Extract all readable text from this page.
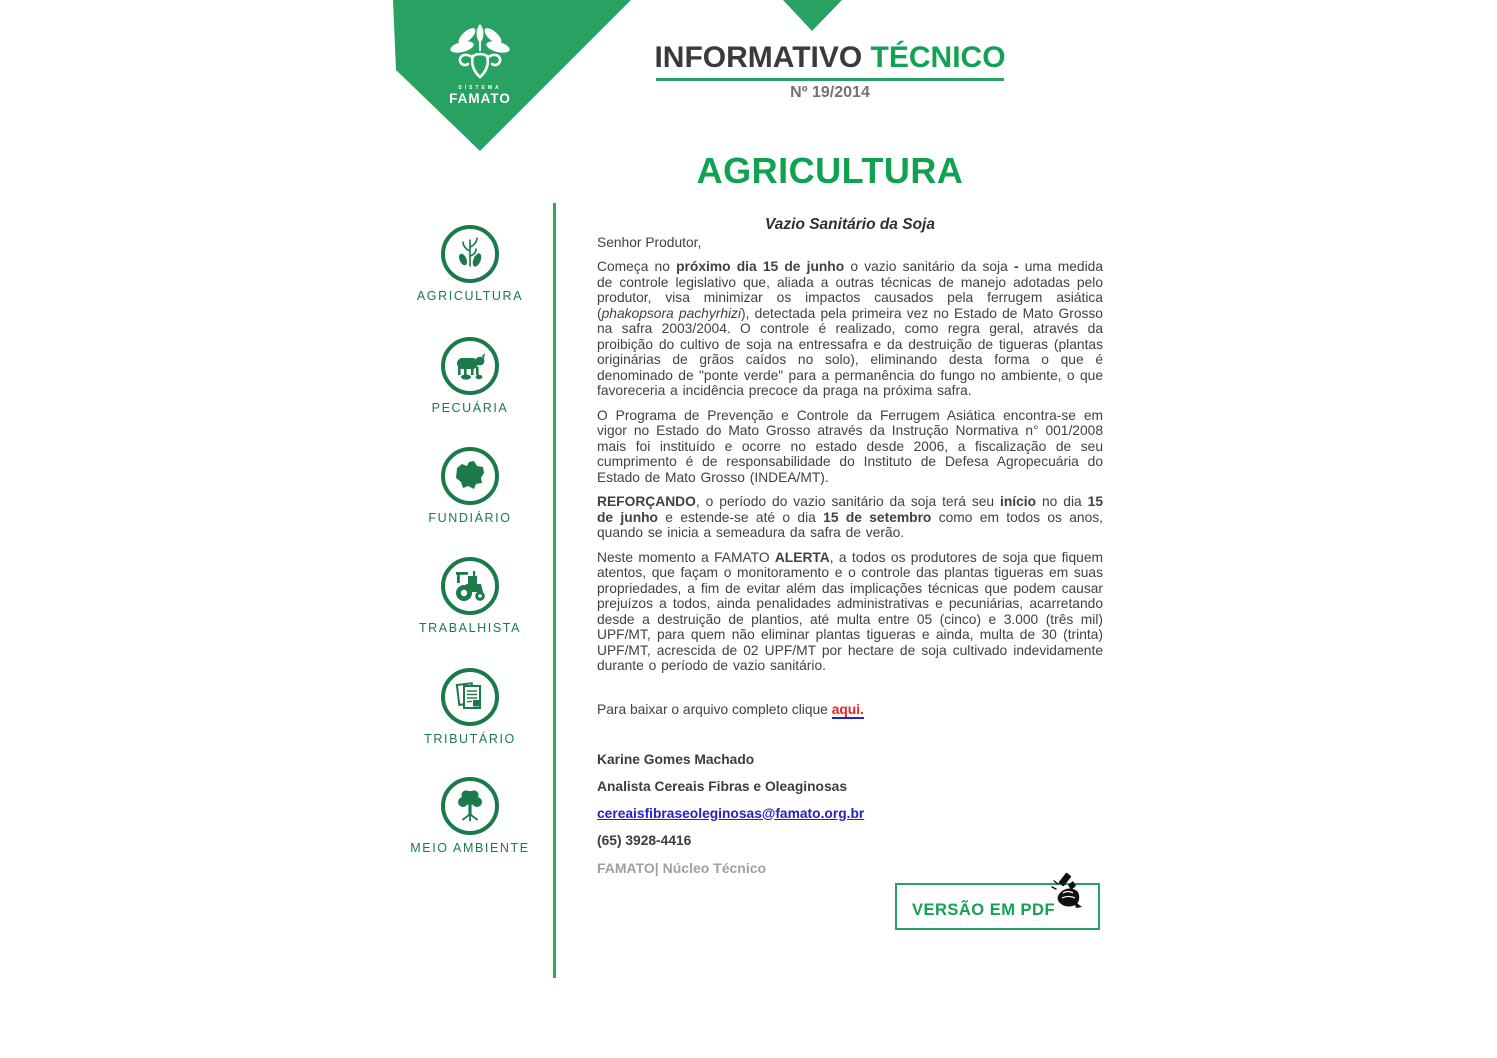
SISTEMA
FAMATO
INFORMATIVO TÉCNICO
Nº 19/2014
AGRICULTURA
AGRICULTURA
PECUÁRIA
FUNDIÁRIO
TRABALHISTA
TRIBUTÁRIO
MEIO AMBIENTE

Vazio Sanitário da Soja

Senhor Produtor,

Começa no próximo dia 15 de junho o vazio sanitário da soja - uma medida de controle legislativo que, aliada a outras técnicas de manejo adotadas pelo produtor, visa minimizar os impactos causados pela ferrugem asiática (phakopsora pachyrhizi), detectada pela primeira vez no Estado de Mato Grosso na safra 2003/2004. O controle é realizado, como regra geral, através da proibição do cultivo de soja na entressafra e da destruição de tigueras (plantas originárias de grãos caídos no solo), eliminando desta forma o que é denominado de "ponte verde" para a permanência do fungo no ambiente, o que favoreceria a incidência precoce da praga na próxima safra.

O Programa de Prevenção e Controle da Ferrugem Asiática encontra-se em vigor no Estado do Mato Grosso através da Instrução Normativa n° 001/2008 mais foi instituído e ocorre no estado desde 2006, a fiscalização de seu cumprimento é de responsabilidade do Instituto de Defesa Agropecuária do Estado de Mato Grosso (INDEA/MT).

REFORÇANDO, o período do vazio sanitário da soja terá seu início no dia 15 de junho e estende-se até o dia 15 de setembro como em todos os anos, quando se inicia a semeadura da safra de verão.

Neste momento a FAMATO ALERTA, a todos os produtores de soja que fiquem atentos, que façam o monitoramento e o controle das plantas tigueras em suas propriedades, a fim de evitar além das implicações técnicas que podem causar prejuízos a todos, ainda penalidades administrativas e pecuniárias, acarretando desde a destruição de plantios, até multa entre 05 (cinco) e 3.000 (três mil) UPF/MT, para quem não eliminar plantas tigueras e ainda, multa de 30 (trinta) UPF/MT, acrescida de 02 UPF/MT por hectare de soja cultivado indevidamente durante o período de vazio sanitário.

Para baixar o arquivo completo clique aqui.

Karine Gomes Machado

Analista Cereais Fibras e Oleaginosas

cereaisfibraseoleginosas@famato.org.br

(65) 3928-4416

FAMATO| Núcleo Técnico

VERSÃO EM PDF
